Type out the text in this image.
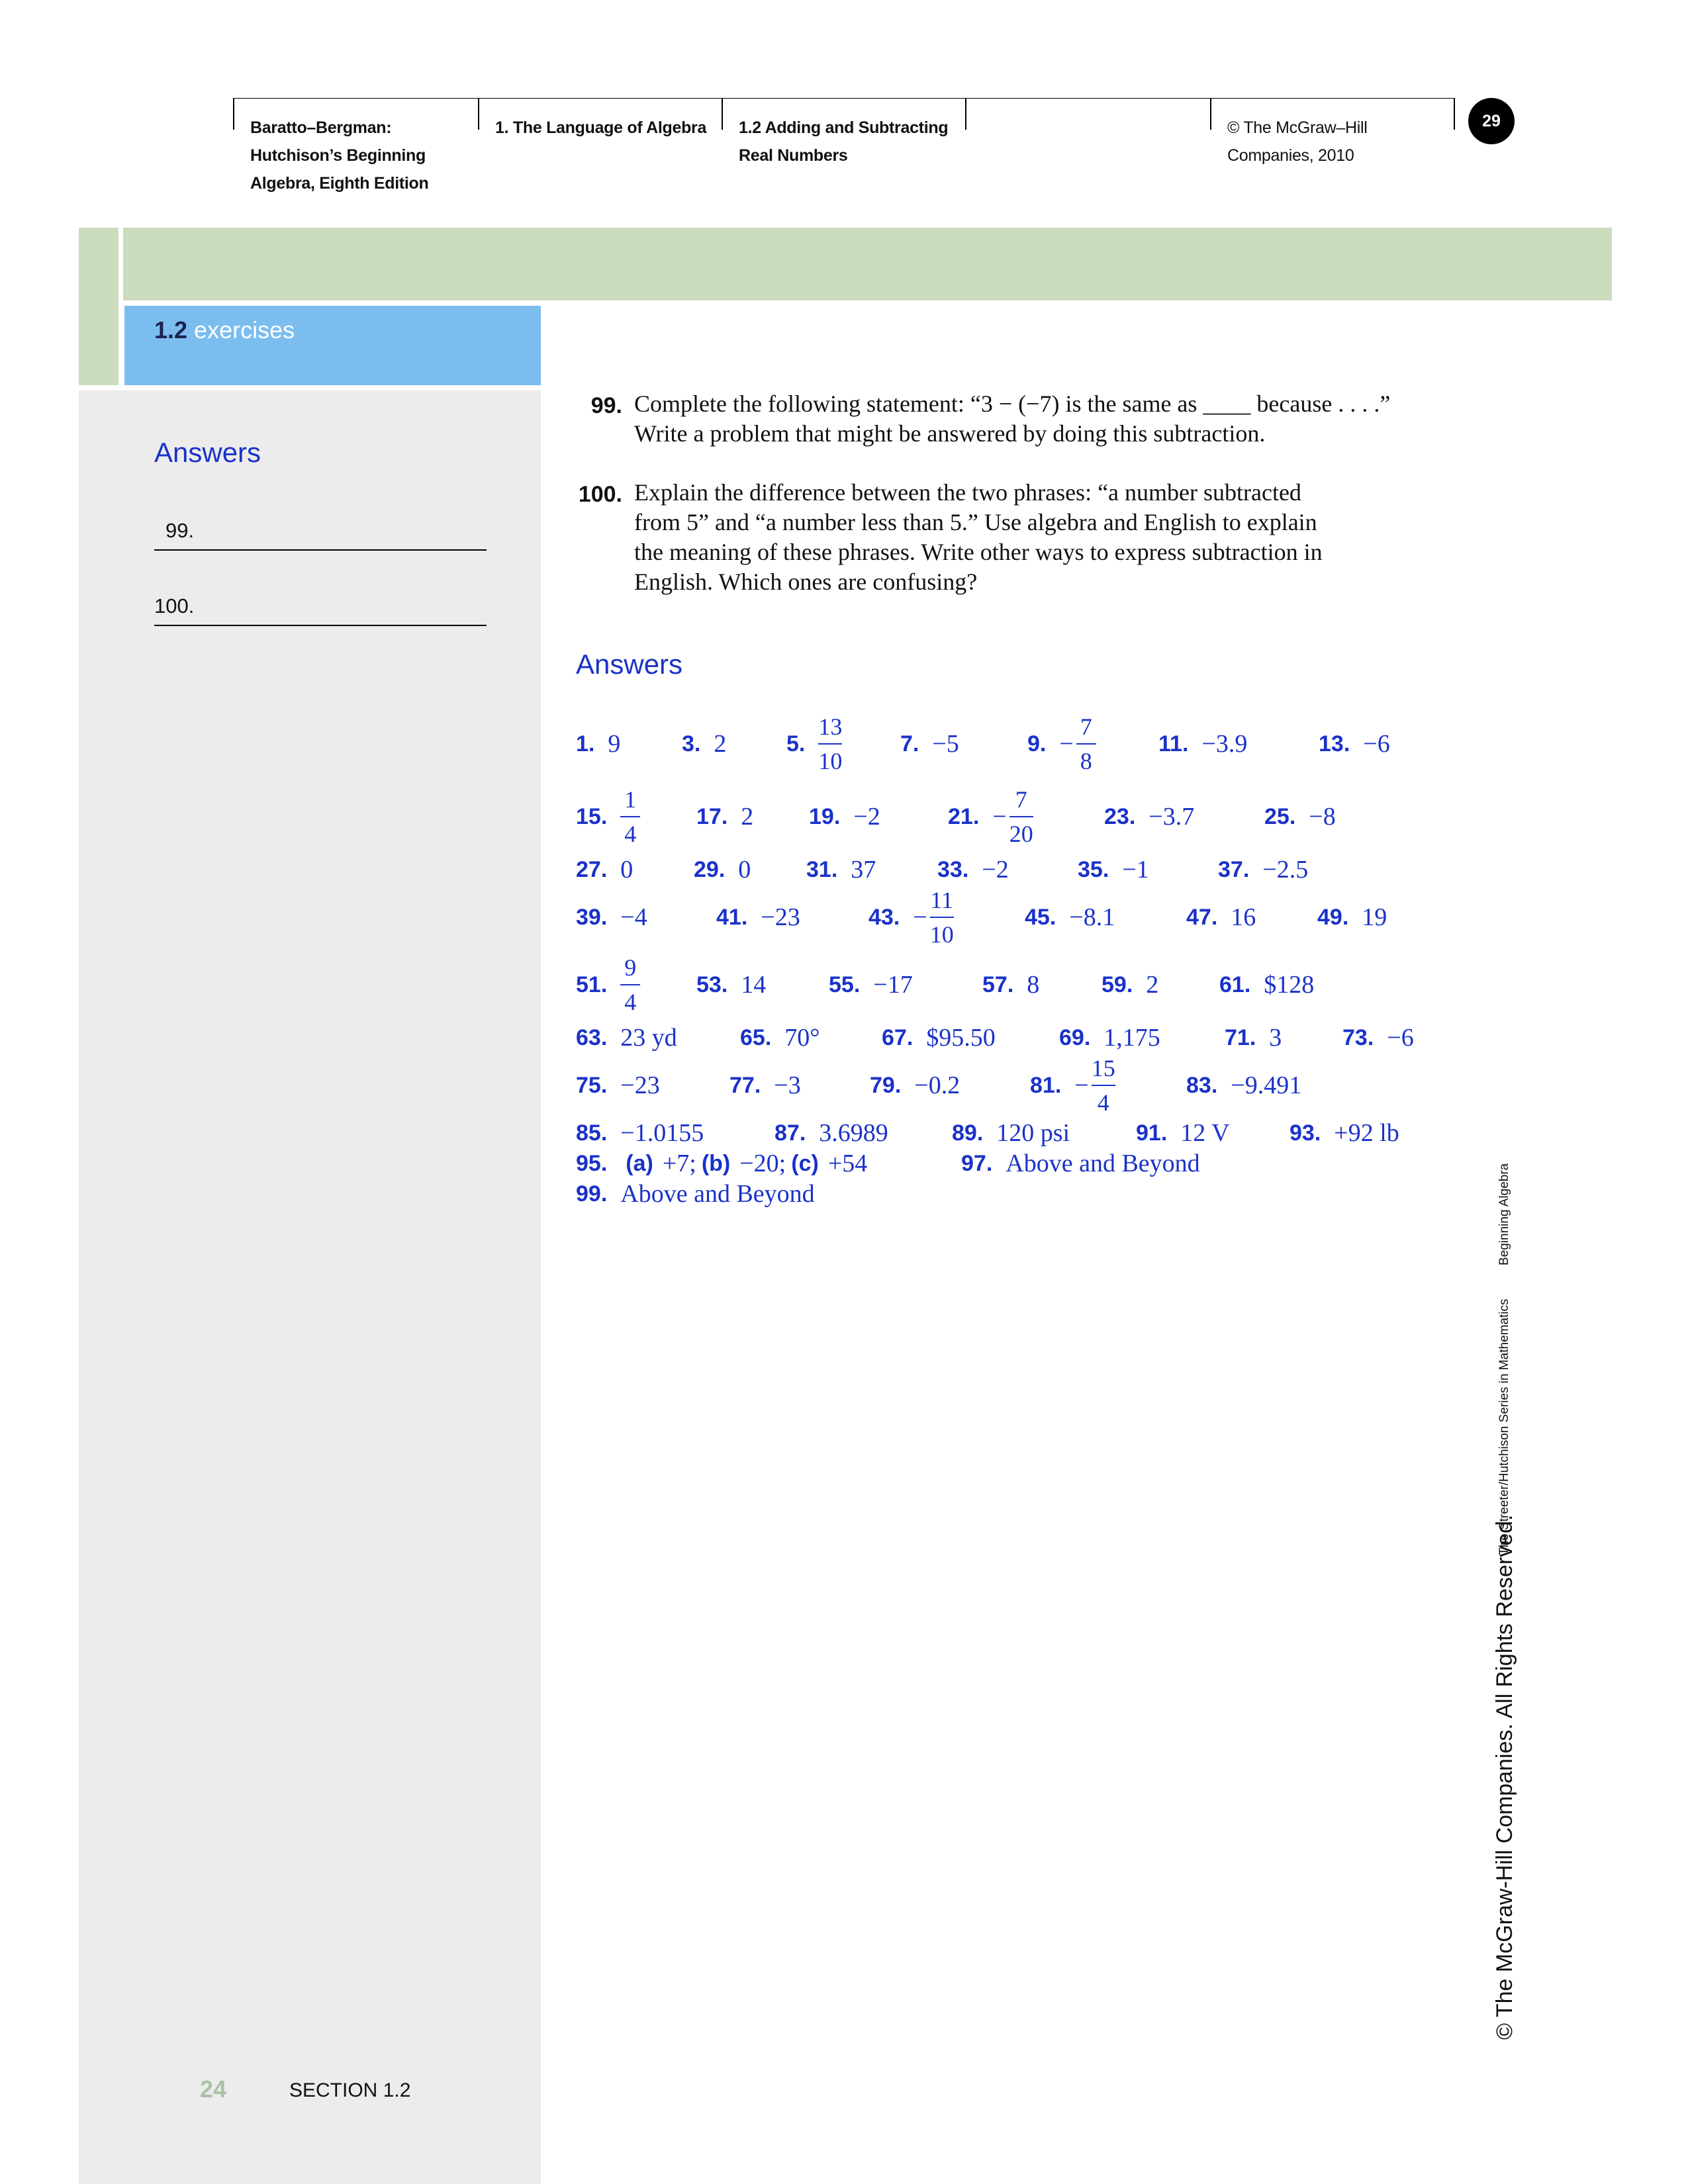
Baratto–Bergman:
Hutchison’s Beginning
Algebra, Eighth Edition
1. The Language of Algebra 1.2 Adding and Subtracting
Real Numbers
© The McGraw–Hill
Companies, 2010
29
1.2 exercises
Answers
99.
100.
99. Complete the following statement: “3 − (−7) is the same as ____ because . . . .”
Write a problem that might be answered by doing this subtraction.
100. Explain the difference between the two phrases: “a number subtracted
from 5” and “a number less than 5.” Use algebra and English to explain
the meaning of these phrases. Write other ways to express subtraction in
English. Which ones are confusing?
Answers
1. 9	3. 2	5. $\frac{13}{10}$	7. −5	9. − $\frac{7}{8}$	11. −3.9	13. −6
15. $\frac{1}{4} 17$. 2 19. −2	21. − $\frac{7}{20}$	23. −3.7	25. −8
27. 0	29. 0 31. 37	33. −2	35. −1	37. −2.5
39. −4	41. −23	43. − $\frac{11}{10}$	45. −8.1	47. 16	49. 19
51. $\frac{9}{4} 53$. 14	55. −17	57. 8	59. 2	61. $128
63. 23 yd	65. 70°	67. $95.50	69. 1,175	71. 3	73. −6
75. −23	77. −3	79. −0.2	81. − $\frac{15}{4}$	83. −9.491
85. −1.0155	87. 3.6989	89. 120 psi	91. 12 V	93. +92 lb
95. (a) +7; (b) −20; (c) +54	97. Above and Beyond
99. Above and Beyond
24	SECTION 1.2
© The McGraw-Hill Companies. All Rights Reserved.
The Streeter/Hutchison Series in Mathematics
Beginning Algebra
